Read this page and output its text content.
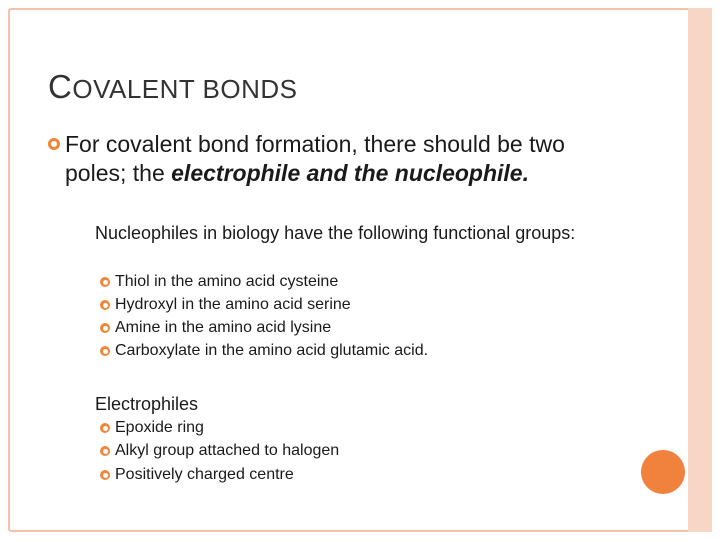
COVALENT BONDS
For covalent bond formation, there should be two poles; the electrophile and the nucleophile.
Nucleophiles in biology have the following functional groups:
Thiol in the amino acid cysteine
Hydroxyl in the amino acid serine
Amine in the amino acid lysine
Carboxylate in the amino acid glutamic acid.
Electrophiles
Epoxide ring
Alkyl group attached to halogen
Positively charged centre
